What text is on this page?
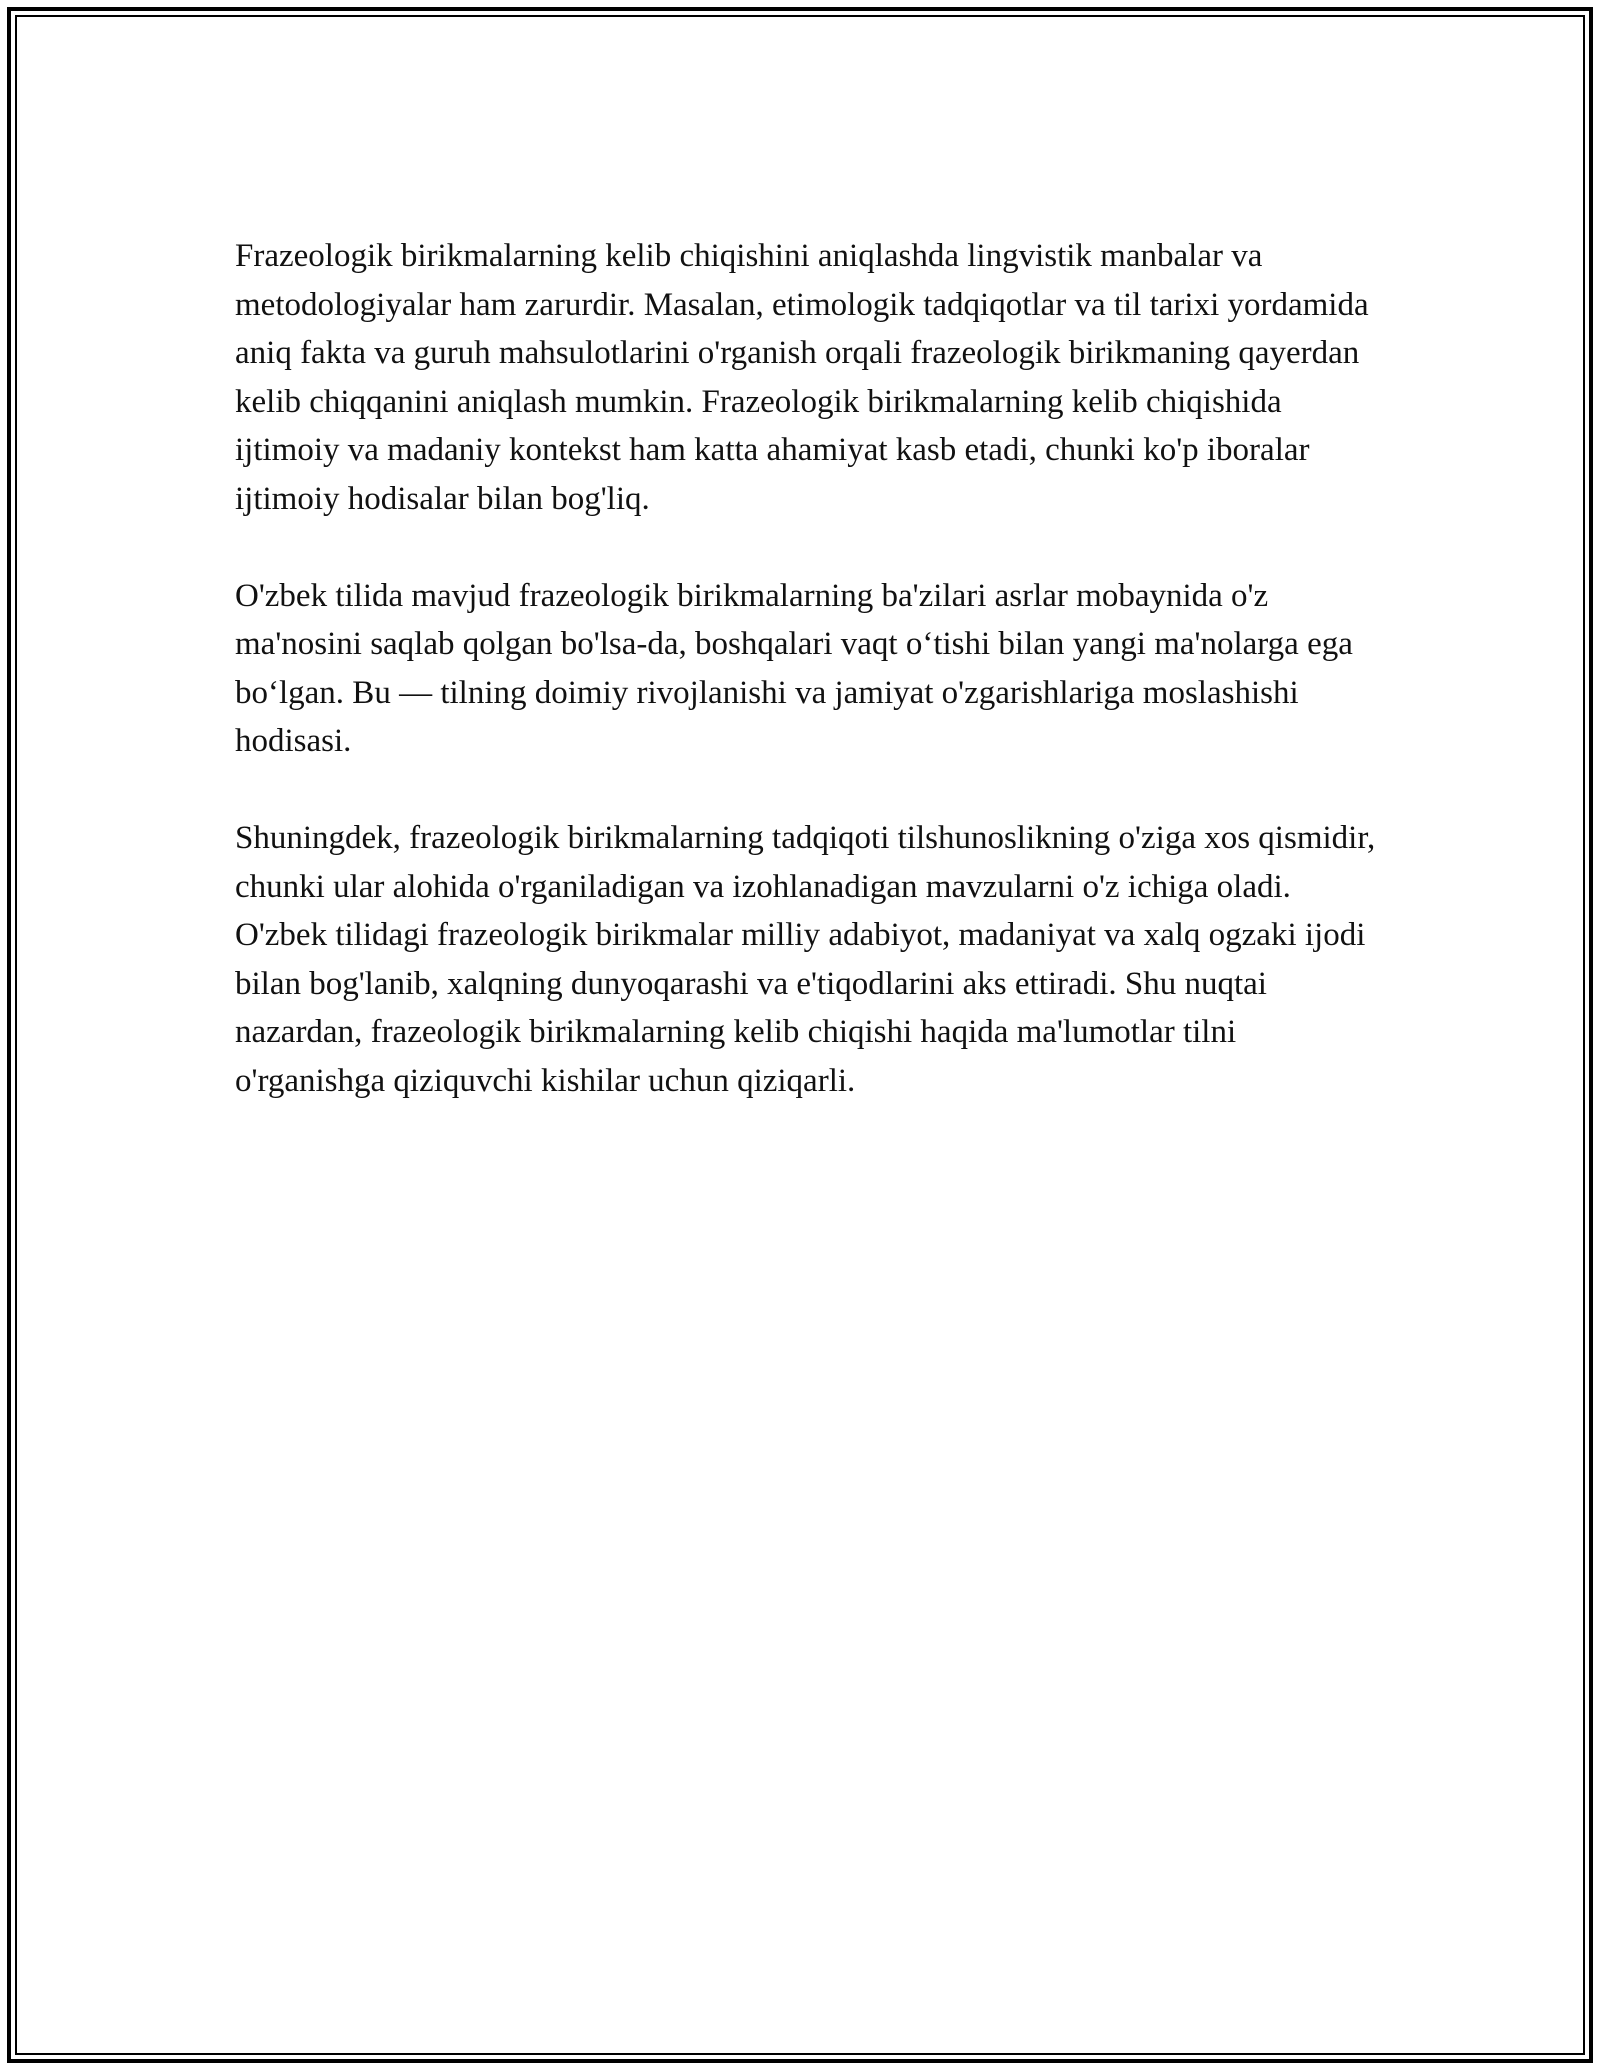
Frazeologik birikmalarning kelib chiqishini aniqlashda lingvistik manbalar va metodologiyalar ham zarurdir. Masalan, etimologik tadqiqotlar va til tarixi yordamida aniq fakta va guruh mahsulotlarini o'rganish orqali frazeologik birikmaning qayerdan kelib chiqqanini aniqlash mumkin. Frazeologik birikmalarning kelib chiqishida ijtimoiy va madaniy kontekst ham katta ahamiyat kasb etadi, chunki ko'p iboralar ijtimoiy hodisalar bilan bog'liq.

O'zbek tilida mavjud frazeologik birikmalarning ba'zilari asrlar mobaynida o'z ma'nosini saqlab qolgan bo'lsa-da, boshqalari vaqt o‘tishi bilan yangi ma'nolarga ega bo‘lgan. Bu — tilning doimiy rivojlanishi va jamiyat o'zgarishlariga moslashishi hodisasi.

Shuningdek, frazeologik birikmalarning tadqiqoti tilshunoslikning o'ziga xos qismidir, chunki ular alohida o'rganiladigan va izohlanadigan mavzularni o'z ichiga oladi. O'zbek tilidagi frazeologik birikmalar milliy adabiyot, madaniyat va xalq ogzaki ijodi bilan bog'lanib, xalqning dunyoqarashi va e'tiqodlarini aks ettiradi. Shu nuqtai nazardan, frazeologik birikmalarning kelib chiqishi haqida ma'lumotlar tilni o'rganishga qiziquvchi kishilar uchun qiziqarli.
